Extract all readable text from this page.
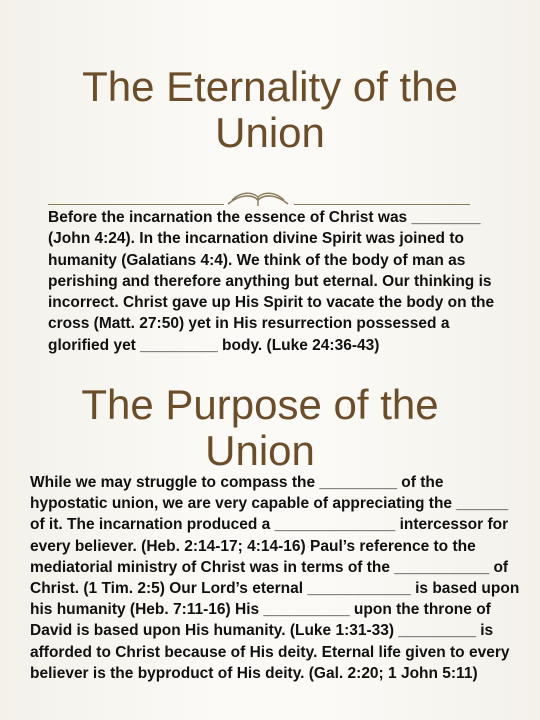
The Eternality of the Union

Before the incarnation the essence of Christ was ________ (John 4:24). In the incarnation divine Spirit was joined to humanity (Galatians 4:4). We think of the body of man as perishing and therefore anything but eternal. Our thinking is incorrect. Christ gave up His Spirit to vacate the body on the cross (Matt. 27:50) yet in His resurrection possessed a glorified yet _________ body. (Luke 24:36-43)

The Purpose of the Union

While we may struggle to compass the _________ of the hypostatic union, we are very capable of appreciating the ______ of it. The incarnation produced a ______________ intercessor for every believer. (Heb. 2:14-17; 4:14-16) Paul’s reference to the mediatorial ministry of Christ was in terms of the ___________ of Christ. (1 Tim. 2:5) Our Lord’s eternal ____________ is based upon his humanity (Heb. 7:11-16) His __________ upon the throne of David is based upon His humanity. (Luke 1:31-33) _________ is afforded to Christ because of His deity. Eternal life given to every believer is the byproduct of His deity. (Gal. 2:20; 1 John 5:11)
